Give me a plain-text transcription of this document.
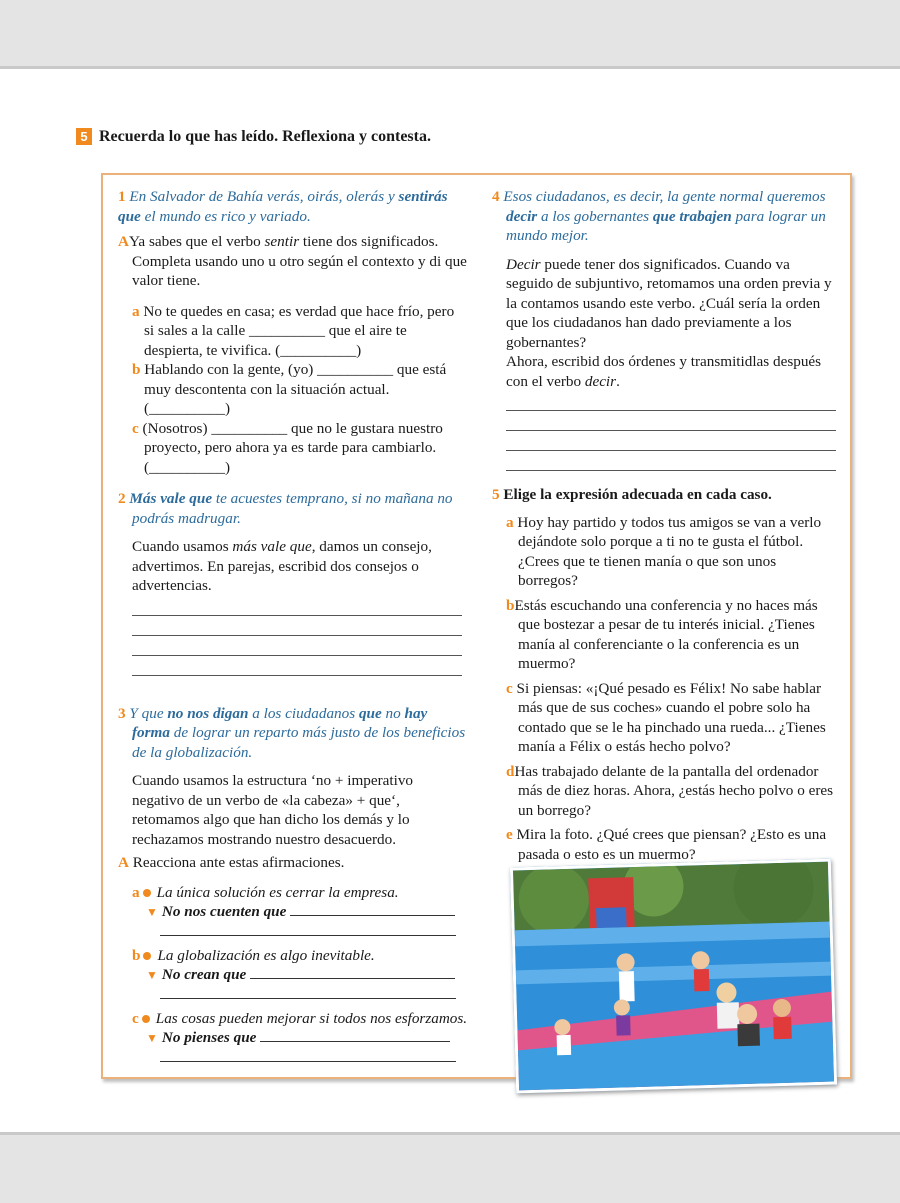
5 Recuerda lo que has leído. Reflexiona y contesta.
1 En Salvador de Bahía verás, oirás, olerás y sentirás que el mundo es rico y variado.
AYa sabes que el verbo sentir tiene dos significados. Completa usando uno u otro según el contexto y di que valor tiene.
a No te quedes en casa; es verdad que hace frío, pero si sales a la calle __________ que el aire te despierta, te vivifica. (__________)
b Hablando con la gente, (yo) __________ que está muy descontenta con la situación actual. (__________)
c (Nosotros) __________ que no le gustara nuestro proyecto, pero ahora ya es tarde para cambiarlo. (__________)
2 Más vale que te acuestes temprano, si no mañana no podrás madrugar.
Cuando usamos más vale que, damos un consejo, advertimos. En parejas, escribid dos consejos o advertencias.
3 Y que no nos digan a los ciudadanos que no hay forma de lograr un reparto más justo de los beneficios de la globalización.
Cuando usamos la estructura ‘no + imperativo negativo de un verbo de «la cabeza» + que‘, retomamos algo que han dicho los demás y lo rechazamos mostrando nuestro desacuerdo.
A Reacciona ante estas afirmaciones.
a La única solución es cerrar la empresa.
▼ No nos cuenten que
b La globalización es algo inevitable.
▼ No crean que
c Las cosas pueden mejorar si todos nos esforzamos.
▼ No pienses que
4 Esos ciudadanos, es decir, la gente normal queremos decir a los gobernantes que trabajen para lograr un mundo mejor.
Decir puede tener dos significados. Cuando va seguido de subjuntivo, retomamos una orden previa y la contamos usando este verbo. ¿Cuál sería la orden que los ciudadanos han dado previamente a los gobernantes?
Ahora, escribid dos órdenes y transmitidlas después con el verbo decir.
5 Elige la expresión adecuada en cada caso.
a Hoy hay partido y todos tus amigos se van a verlo dejándote solo porque a ti no te gusta el fútbol. ¿Crees que te tienen manía o que son unos borregos?
bEstás escuchando una conferencia y no haces más que bostezar a pesar de tu interés inicial. ¿Tienes manía al conferenciante o la conferencia es un muermo?
c Si piensas: «¡Qué pesado es Félix! No sabe hablar más que de sus coches» cuando el pobre solo ha contado que se le ha pinchado una rueda... ¿Tienes manía a Félix o estás hecho polvo?
dHas trabajado delante de la pantalla del ordenador más de diez horas. Ahora, ¿estás hecho polvo o eres un borrego?
e Mira la foto. ¿Qué crees que piensan? ¿Esto es una pasada o esto es un muermo?
